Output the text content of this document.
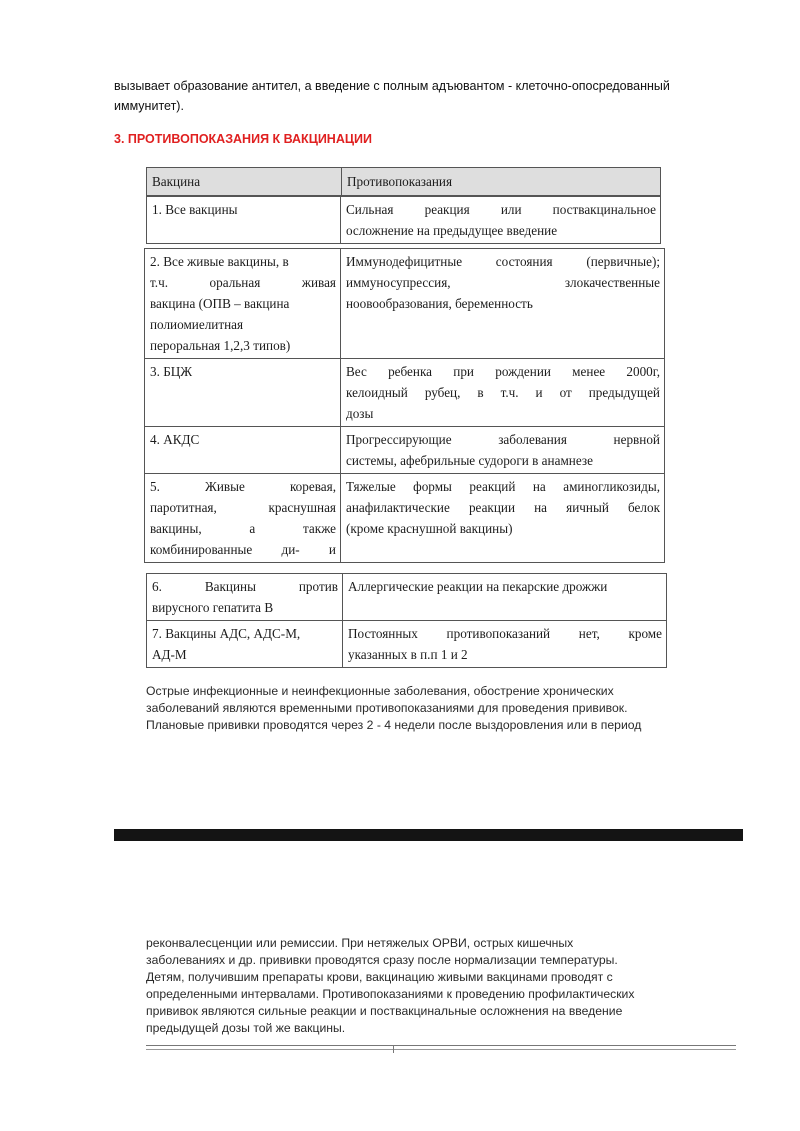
вызывает образование антител, а введение с полным адъювантом - клеточно-опосредованный
иммунитет).
3. ПРОТИВОПОКАЗАНИЯ К ВАКЦИНАЦИИ
Вакцина	Противопоказания
1. Все вакцины	Сильная реакция или поствакцинальное
осложнение на предыдущее введение
2. Все живые вакцины, в
т.ч. оральная живая
вакцина (ОПВ – вакцина
полиомиелитная
пероральная 1,2,3 типов)	Иммунодефицитные состояния (первичные);
иммуносупрессия, злокачественные
нoовообразования, беременность

3. БЦЖ	Вес ребенка при рождении менее 2000г,
келоидный рубец, в т.ч. и от предыдущей
дозы

4. АКДС	Прогрессирующие заболевания нервной
системы, афебрильные судороги в анамнезе

5. Живые коревая,
паротитная, краснушная
вакцины, а также
комбинированные ди- и	Тяжелые формы реакций на аминогликозиды,
анафилактические реакции на яичный белок
(кроме краснушной вакцины)
6. Вакцины против
вирусного гепатита В	Аллергические реакции на пекарские дрожжи

7. Вакцины АДС, АДС-М,
АД-М	Постоянных противопоказаний нет, кроме
указанных в п.п 1 и 2
Острые инфекционные и неинфекционные заболевания, обострение хронических
заболеваний являются временными противопоказаниями для проведения прививок.
Плановые прививки проводятся через 2 - 4 недели после выздоровления или в период
реконвалесценции или ремиссии. При нетяжелых ОРВИ, острых кишечных
заболеваниях и др. прививки проводятся сразу после нормализации температуры.
Детям, получившим препараты крови, вакцинацию живыми вакцинами проводят с
определенными интервалами. Противопоказаниями к проведению профилактических
прививок являются сильные реакции и поствакцинальные осложнения на введение
предыдущей дозы той же вакцины.
